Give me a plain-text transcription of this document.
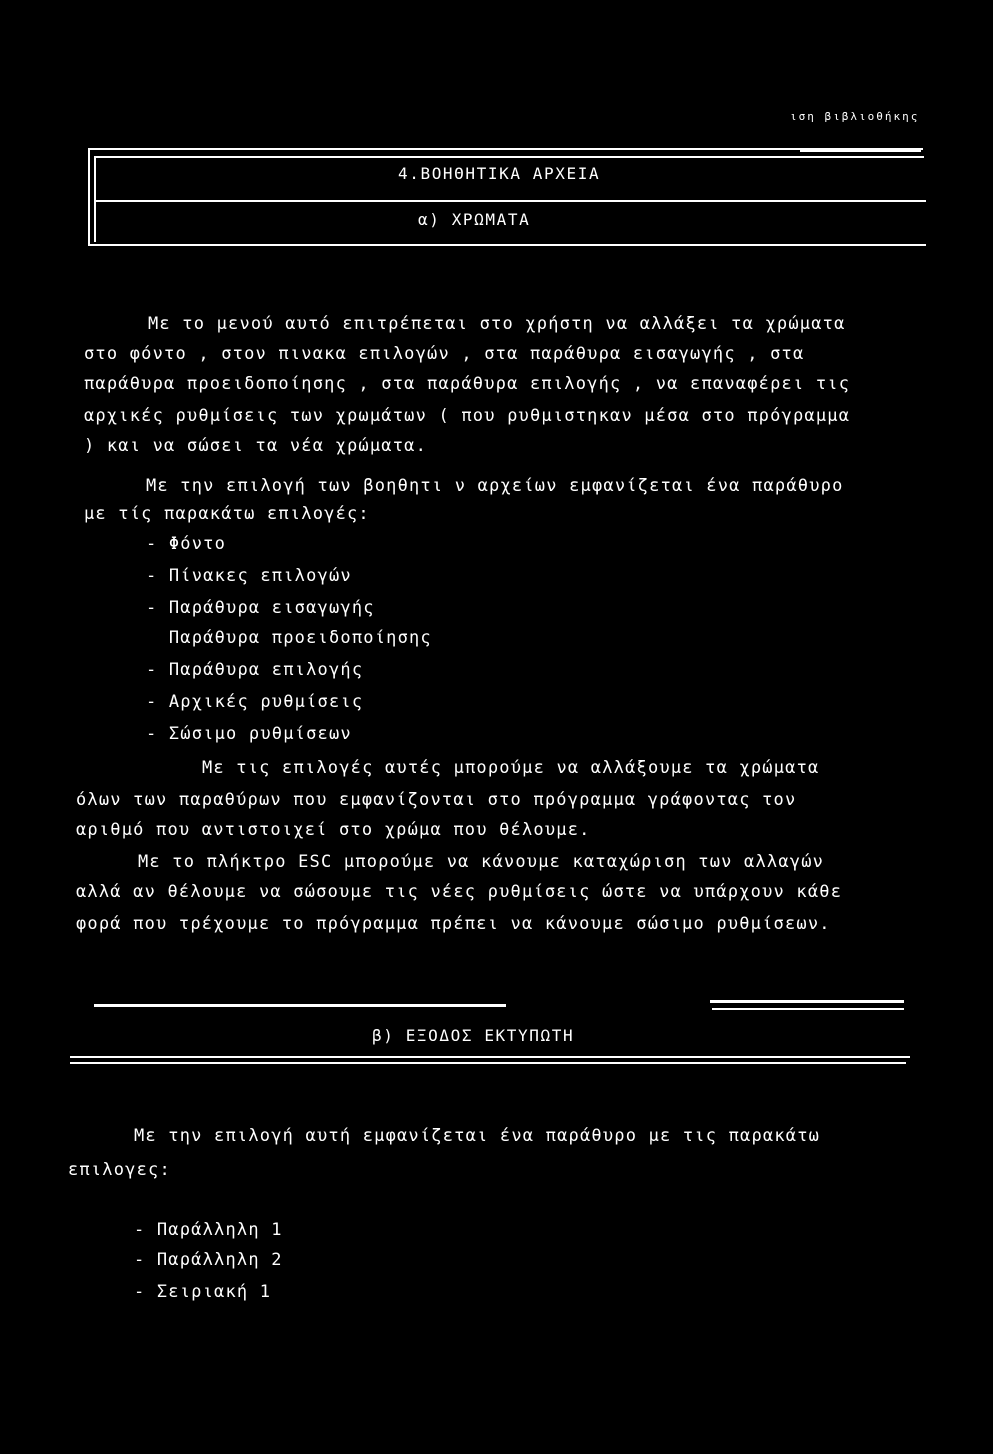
ιση βιβλιοθήκης
4.ΒΟΗΘΗΤΙΚΑ ΑΡΧΕΙΑ
α) ΧΡΩΜΑΤΑ
Με το μενού αυτό επιτρέπεται στο χρήστη να αλλάξει τα χρώματα
στο φόντο , στον πινακα επιλογών , στα παράθυρα εισαγωγής , στα
παράθυρα προειδοποίησης , στα παράθυρα επιλογής , να επαναφέρει τις
αρχικές ρυθμίσεις των χρωμάτων ( που ρυθμιστηκαν μέσα στο πρόγραμμα
) και να σώσει τα νέα χρώματα.
Με την επιλογή των βοηθητι ν αρχείων εμφανίζεται ένα παράθυρο
με τίς παρακάτω επιλογές:
- Φόντο
- Πίνακες επιλογών
- Παράθυρα εισαγωγής
Παράθυρα προειδοποίησης
- Παράθυρα επιλογής
- Αρχικές ρυθμίσεις
- Σώσιμο ρυθμίσεων
Με τις επιλογές αυτές μπορούμε να αλλάξουμε τα χρώματα
όλων των παραθύρων που εμφανίζονται στο πρόγραμμα γράφοντας τον
αριθμό που αντιστοιχεί στο χρώμα που θέλουμε.
Με το πλήκτρο ESC μπορούμε να κάνουμε καταχώριση των αλλαγών
αλλά αν θέλουμε να σώσουμε τις νέες ρυθμίσεις ώστε να υπάρχουν κάθε
φορά που τρέχουμε το πρόγραμμα πρέπει να κάνουμε σώσιμο ρυθμίσεων.
β) ΕΞΟΔΟΣ ΕΚΤΥΠΩΤΗ
Με την επιλογή αυτή εμφανίζεται ένα παράθυρο με τις παρακάτω
επιλογες:
- Παράλληλη 1
- Παράλληλη 2
- Σειριακή 1
